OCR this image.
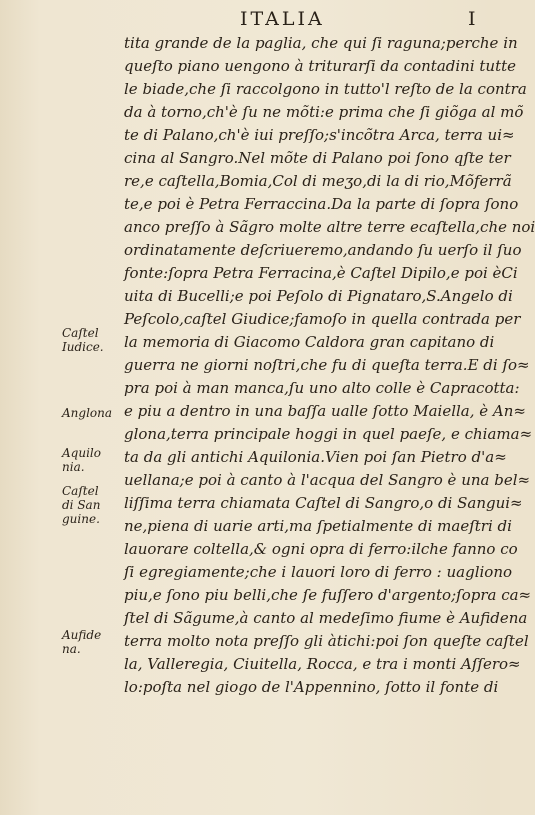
ITALIA	I
tita grande de la paglia, che qui ſi raguna;perche in
queſto piano uengono à triturarſi da contadini tutte
le biade,che ſi raccolgono in tutto'l reſto de la contra
da à torno,ch'è ſu ne mõti:e prima che ſi giõga al mõ
te di Palano,ch'è iui preſſo;s'incõtra Arca, terra ui≈
cina al Sangro.Nel mõte di Palano poi ſono qſte ter
re,e caſtella,Bomia,Col di meʒo,di la di rio,Mõferrã
te,e poi è Petra Ferraccina.Da la parte di ſopra ſono
anco preſſo à Sãgro molte altre terre ecaſtella,che noi
ordinatamente deſcriueremo,andando ſu uerſo il ſuo
fonte:ſopra Petra Ferracina,è Caſtel Dipilo,e poi èCi
uita di Bucelli;e poi Peſolo di Pignataro,S.Angelo di
Peſcolo,caſtel Giudice;famoſo in quella contrada per
la memoria di Giacomo Caldora gran capitano di
guerra ne giorni noſtri,che fu di queſta terra.E di ſo≈
pra poi à man manca,ſu uno alto colle è Capracotta:
e piu a dentro in una baſſa ualle ſotto Maiella, è An≈
glona,terra principale hoggi in quel paeſe, e chiama≈
ta da gli antichi Aquilonia.Vien poi ſan Pietro d'a≈
uellana;e poi à canto à l'acqua del Sangro è una bel≈
liſſima terra chiamata Caſtel di Sangro,o di Sangui≈
ne,piena di uarie arti,ma ſpetialmente di maeſtri di
lauorare coltella,& ogni opra di ferro:ilche fanno co
ſi egregiamente;che i lauori loro di ferro : uagliono
piu,e ſono piu belli,che ſe fuſſero d'argento;ſopra ca≈
ſtel di Sãgume,à canto al medeſimo fiume è Aufidena
terra molto nota preſſo gli àtichi:poi ſon queſte caſtel
la, Valleregia, Ciuitella, Rocca, e tra i monti Aſſero≈
lo:poſta nel giogo de l'Appennino, ſotto il fonte di
Caſtel
Iudice.
Anglona
Aquilo
nia.
Caſtel
di San
guine.
Aufide
na.
